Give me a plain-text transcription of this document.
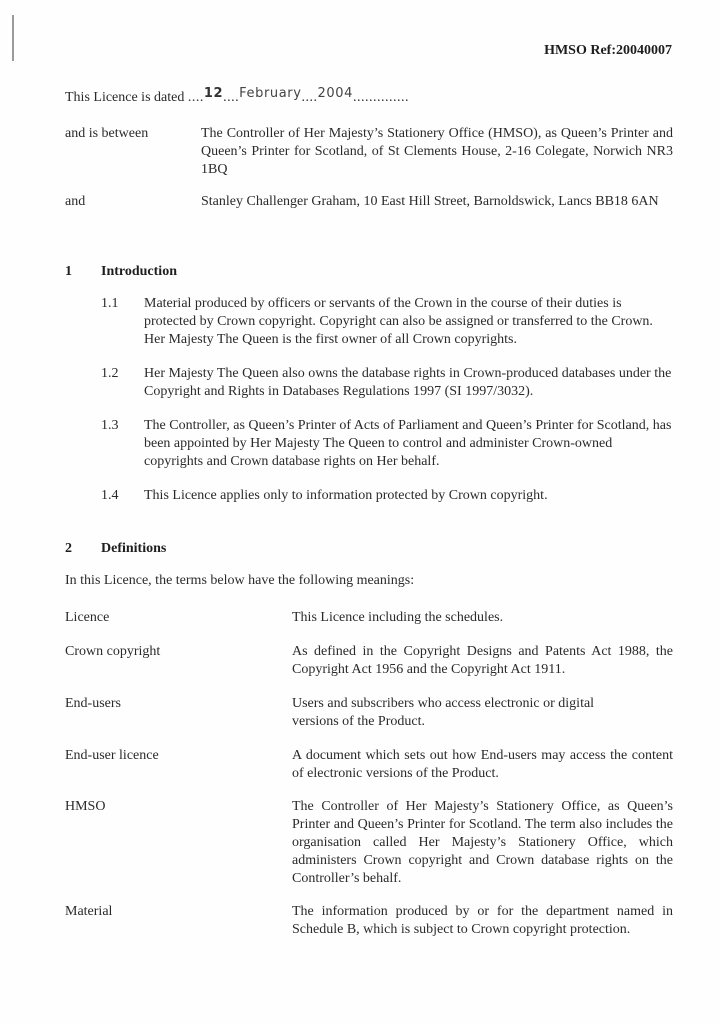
HMSO Ref:20040007
This Licence is dated ....12....February....2004..............
and is between	The Controller of Her Majesty’s Stationery Office (HMSO), as Queen’s Printer and Queen’s Printer for Scotland, of St Clements House, 2-16 Colegate, Norwich NR3 1BQ
and	Stanley Challenger Graham, 10 East Hill Street, Barnoldswick, Lancs BB18 6AN
1	Introduction
1.1	Material produced by officers or servants of the Crown in the course of their duties is protected by Crown copyright. Copyright can also be assigned or transferred to the Crown. Her Majesty The Queen is the first owner of all Crown copyrights.
1.2	Her Majesty The Queen also owns the database rights in Crown-produced databases under the Copyright and Rights in Databases Regulations 1997 (SI 1997/3032).
1.3	The Controller, as Queen’s Printer of Acts of Parliament and Queen’s Printer for Scotland, has been appointed by Her Majesty The Queen to control and administer Crown-owned copyrights and Crown database rights on Her behalf.
1.4	This Licence applies only to information protected by Crown copyright.
2	Definitions
In this Licence, the terms below have the following meanings:
Licence	This Licence including the schedules.
Crown copyright	As defined in the Copyright Designs and Patents Act 1988, the Copyright Act 1956 and the Copyright Act 1911.
End-users	Users and subscribers who access electronic or digital versions of the Product.
End-user licence	A document which sets out how End-users may access the content of electronic versions of the Product.
HMSO	The Controller of Her Majesty’s Stationery Office, as Queen’s Printer and Queen’s Printer for Scotland. The term also includes the organisation called Her Majesty’s Stationery Office, which administers Crown copyright and Crown database rights on the Controller’s behalf.
Material	The information produced by or for the department named in Schedule B, which is subject to Crown copyright protection.
